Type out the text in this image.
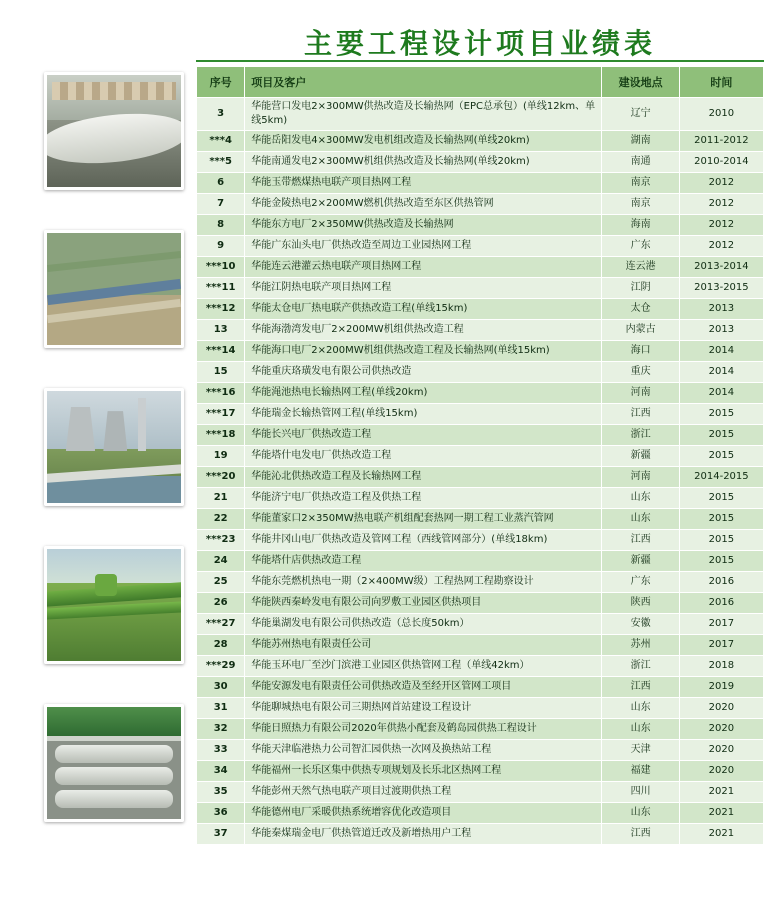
主要工程设计项目业绩表
序号	项目及客户	建设地点	时间
3	华能营口发电2×300MW供热改造及长输热网（EPC总承包）(单线12km、单线5km)	辽宁	2010
***4	华能岳阳发电4×300MW发电机组改造及长输热网(单线20km)	湖南	2011-2012
***5	华能南通发电2×300MW机组供热改造及长输热网(单线20km)	南通	2010-2014
6	华能玉带燃煤热电联产项目热网工程	南京	2012
7	华能金陵热电2×200MW燃机供热改造至东区供热管网	南京	2012
8	华能东方电厂2×350MW供热改造及长输热网	海南	2012
9	华能广东汕头电厂供热改造至周边工业园热网工程	广东	2012
***10	华能连云港灌云热电联产项目热网工程	连云港	2013-2014
***11	华能江阴热电联产项目热网工程	江阴	2013-2015
***12	华能太仓电厂热电联产供热改造工程(单线15km)	太仓	2013
13	华能海渤湾发电厂2×200MW机组供热改造工程	内蒙古	2013
***14	华能海口电厂2×200MW机组供热改造工程及长输热网(单线15km)	海口	2014
15	华能重庆珞璜发电有限公司供热改造	重庆	2014
***16	华能渑池热电长输热网工程(单线20km)	河南	2014
***17	华能瑞金长输热管网工程(单线15km)	江西	2015
***18	华能长兴电厂供热改造工程	浙江	2015
19	华能塔什电发电厂供热改造工程	新疆	2015
***20	华能沁北供热改造工程及长输热网工程	河南	2014-2015
21	华能济宁电厂供热改造工程及供热工程	山东	2015
22	华能董家口2×350MW热电联产机组配套热网一期工程工业蒸汽管网	山东	2015
***23	华能井冈山电厂供热改造及管网工程（西线管网部分）(单线18km)	江西	2015
24	华能塔什店供热改造工程	新疆	2015
25	华能东莞燃机热电一期（2×400MW级）工程热网工程勘察设计	广东	2016
26	华能陕西秦岭发电有限公司向罗敷工业园区供热项目	陕西	2016
***27	华能巢湖发电有限公司供热改造（总长度50km）	安徽	2017
28	华能苏州热电有限责任公司	苏州	2017
***29	华能玉环电厂至沙门滨港工业园区供热管网工程（单线42km）	浙江	2018
30	华能安源发电有限责任公司供热改造及至经开区管网工项目	江西	2019
31	华能聊城热电有限公司三期热网首站建设工程设计	山东	2020
32	华能日照热力有限公司2020年供热小配套及鹤岛园供热工程设计	山东	2020
33	华能天津临港热力公司智汇园供热一次网及换热站工程	天津	2020
34	华能福州一长乐区集中供热专项规划及长乐北区热网工程	福建	2020
35	华能彭州天然气热电联产项目过渡期供热工程	四川	2021
36	华能德州电厂采暖供热系统增容优化改造项目	山东	2021
37	华能秦煤瑞金电厂供热管道迁改及新增热用户工程	江西	2021
